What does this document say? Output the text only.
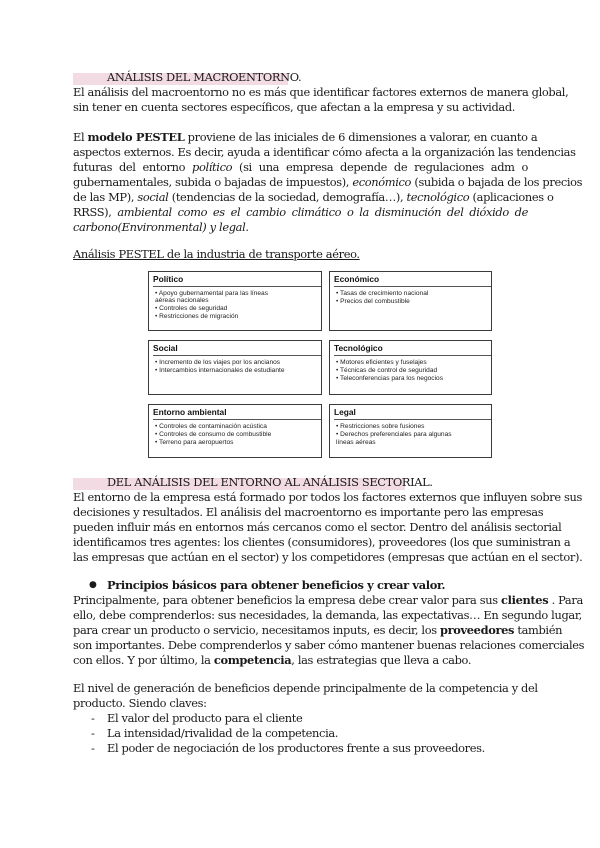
ANÁLISIS DEL MACROENTORNO.
El análisis del macroentorno no es más que identificar factores externos de manera global,
sin tener en cuenta sectores específicos, que afectan a la empresa y su actividad.
El modelo PESTEL proviene de las iniciales de 6 dimensiones a valorar, en cuanto a
aspectos externos. Es decir, ayuda a identificar cómo afecta a la organización las tendencias
futuras del entorno político (si una empresa depende de regulaciones adm o
gubernamentales, subida o bajadas de impuestos), económico (subida o bajada de los precios
de las MP), social (tendencias de la sociedad, demografía…), tecnológico (aplicaciones o
RRSS), ambiental como es el cambio climático o la disminución del dióxido de
carbono(Environmental) y legal.
Análisis PESTEL de la industria de transporte aéreo.
Político
• Apoyo gubernamental para las líneas
aéreas nacionales
• Controles de seguridad
• Restricciones de migración
Económico
• Tasas de crecimiento nacional
• Precios del combustible
Social
• Incremento de los viajes por los ancianos
• Intercambios internacionales de estudiante
Tecnológico
• Motores eficientes y fuselajes
• Técnicas de control de seguridad
• Teleconferencias para los negocios
Entorno ambiental
• Controles de contaminación acústica
• Controles de consumo de combustible
• Terreno para aeropuertos
Legal
• Restricciones sobre fusiones
• Derechos preferenciales para algunas
líneas aéreas
DEL ANÁLISIS DEL ENTORNO AL ANÁLISIS SECTORIAL.
El entorno de la empresa está formado por todos los factores externos que influyen sobre sus
decisiones y resultados. El análisis del macroentorno es importante pero las empresas
pueden influir más en entornos más cercanos como el sector. Dentro del análisis sectorial
identificamos tres agentes: los clientes (consumidores), proveedores (los que suministran a
las empresas que actúan en el sector) y los competidores (empresas que actúan en el sector).
● Principios básicos para obtener beneficios y crear valor.
Principalmente, para obtener beneficios la empresa debe crear valor para sus clientes . Para
ello, debe comprenderlos: sus necesidades, la demanda, las expectativas… En segundo lugar,
para crear un producto o servicio, necesitamos inputs, es decir, los proveedores también
son importantes. Debe comprenderlos y saber cómo mantener buenas relaciones comerciales
con ellos. Y por último, la competencia, las estrategias que lleva a cabo.
El nivel de generación de beneficios depende principalmente de la competencia y del
producto. Siendo claves:
- El valor del producto para el cliente
- La intensidad/rivalidad de la competencia.
- El poder de negociación de los productores frente a sus proveedores.
